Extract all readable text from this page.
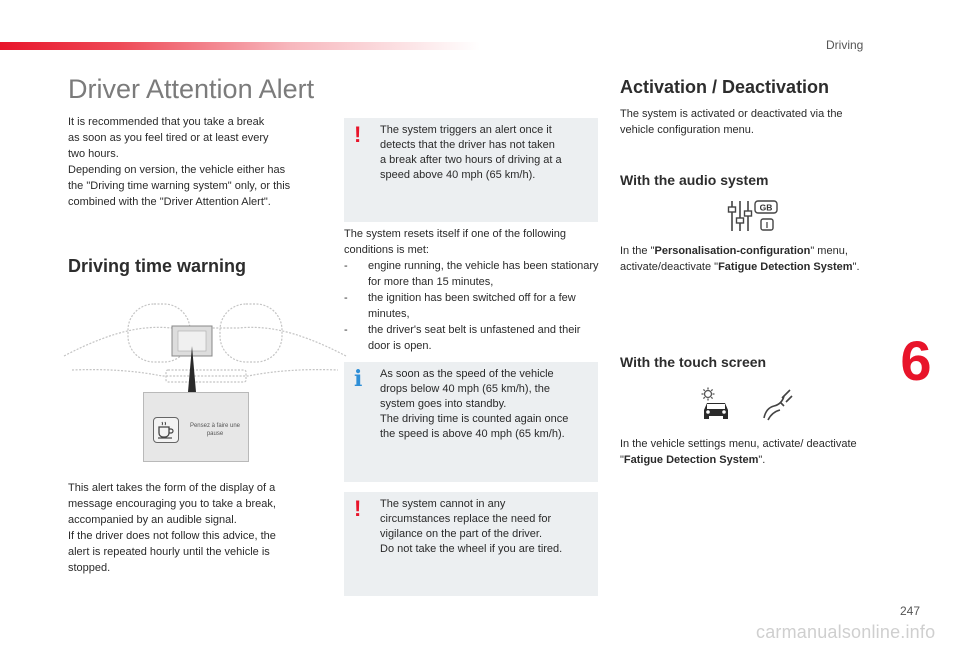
Driving
Driver Attention Alert
It is recommended that you take a break
as soon as you feel tired or at least every
two hours.
Depending on version, the vehicle either has
the "Driving time warning system" only, or this
combined with the "Driver Attention Alert".
Driving time warning
Pensez à faire une
pause
This alert takes the form of the display of a
message encouraging you to take a break,
accompanied by an audible signal.
If the driver does not follow this advice, the
alert is repeated hourly until the vehicle is
stopped.
! The system triggers an alert once it
detects that the driver has not taken
a break after two hours of driving at a
speed above 40 mph (65 km/h).
The system resets itself if one of the following
conditions is met:
- engine running, the vehicle has been stationary for more than 15 minutes,
- the ignition has been switched off for a few minutes,
- the driver's seat belt is unfastened and their door is open.
i As soon as the speed of the vehicle
drops below 40 mph (65 km/h), the
system goes into standby.
The driving time is counted again once
the speed is above 40 mph (65 km/h).
! The system cannot in any
circumstances replace the need for
vigilance on the part of the driver.
Do not take the wheel if you are tired.
Activation / Deactivation
The system is activated or deactivated via the
vehicle configuration menu.
With the audio system
GB
I
In the "Personalisation-configuration" menu, activate/deactivate "Fatigue Detection System".
With the touch screen
In the vehicle settings menu, activate/ deactivate "Fatigue Detection System".
6
247
carmanualsonline.info
